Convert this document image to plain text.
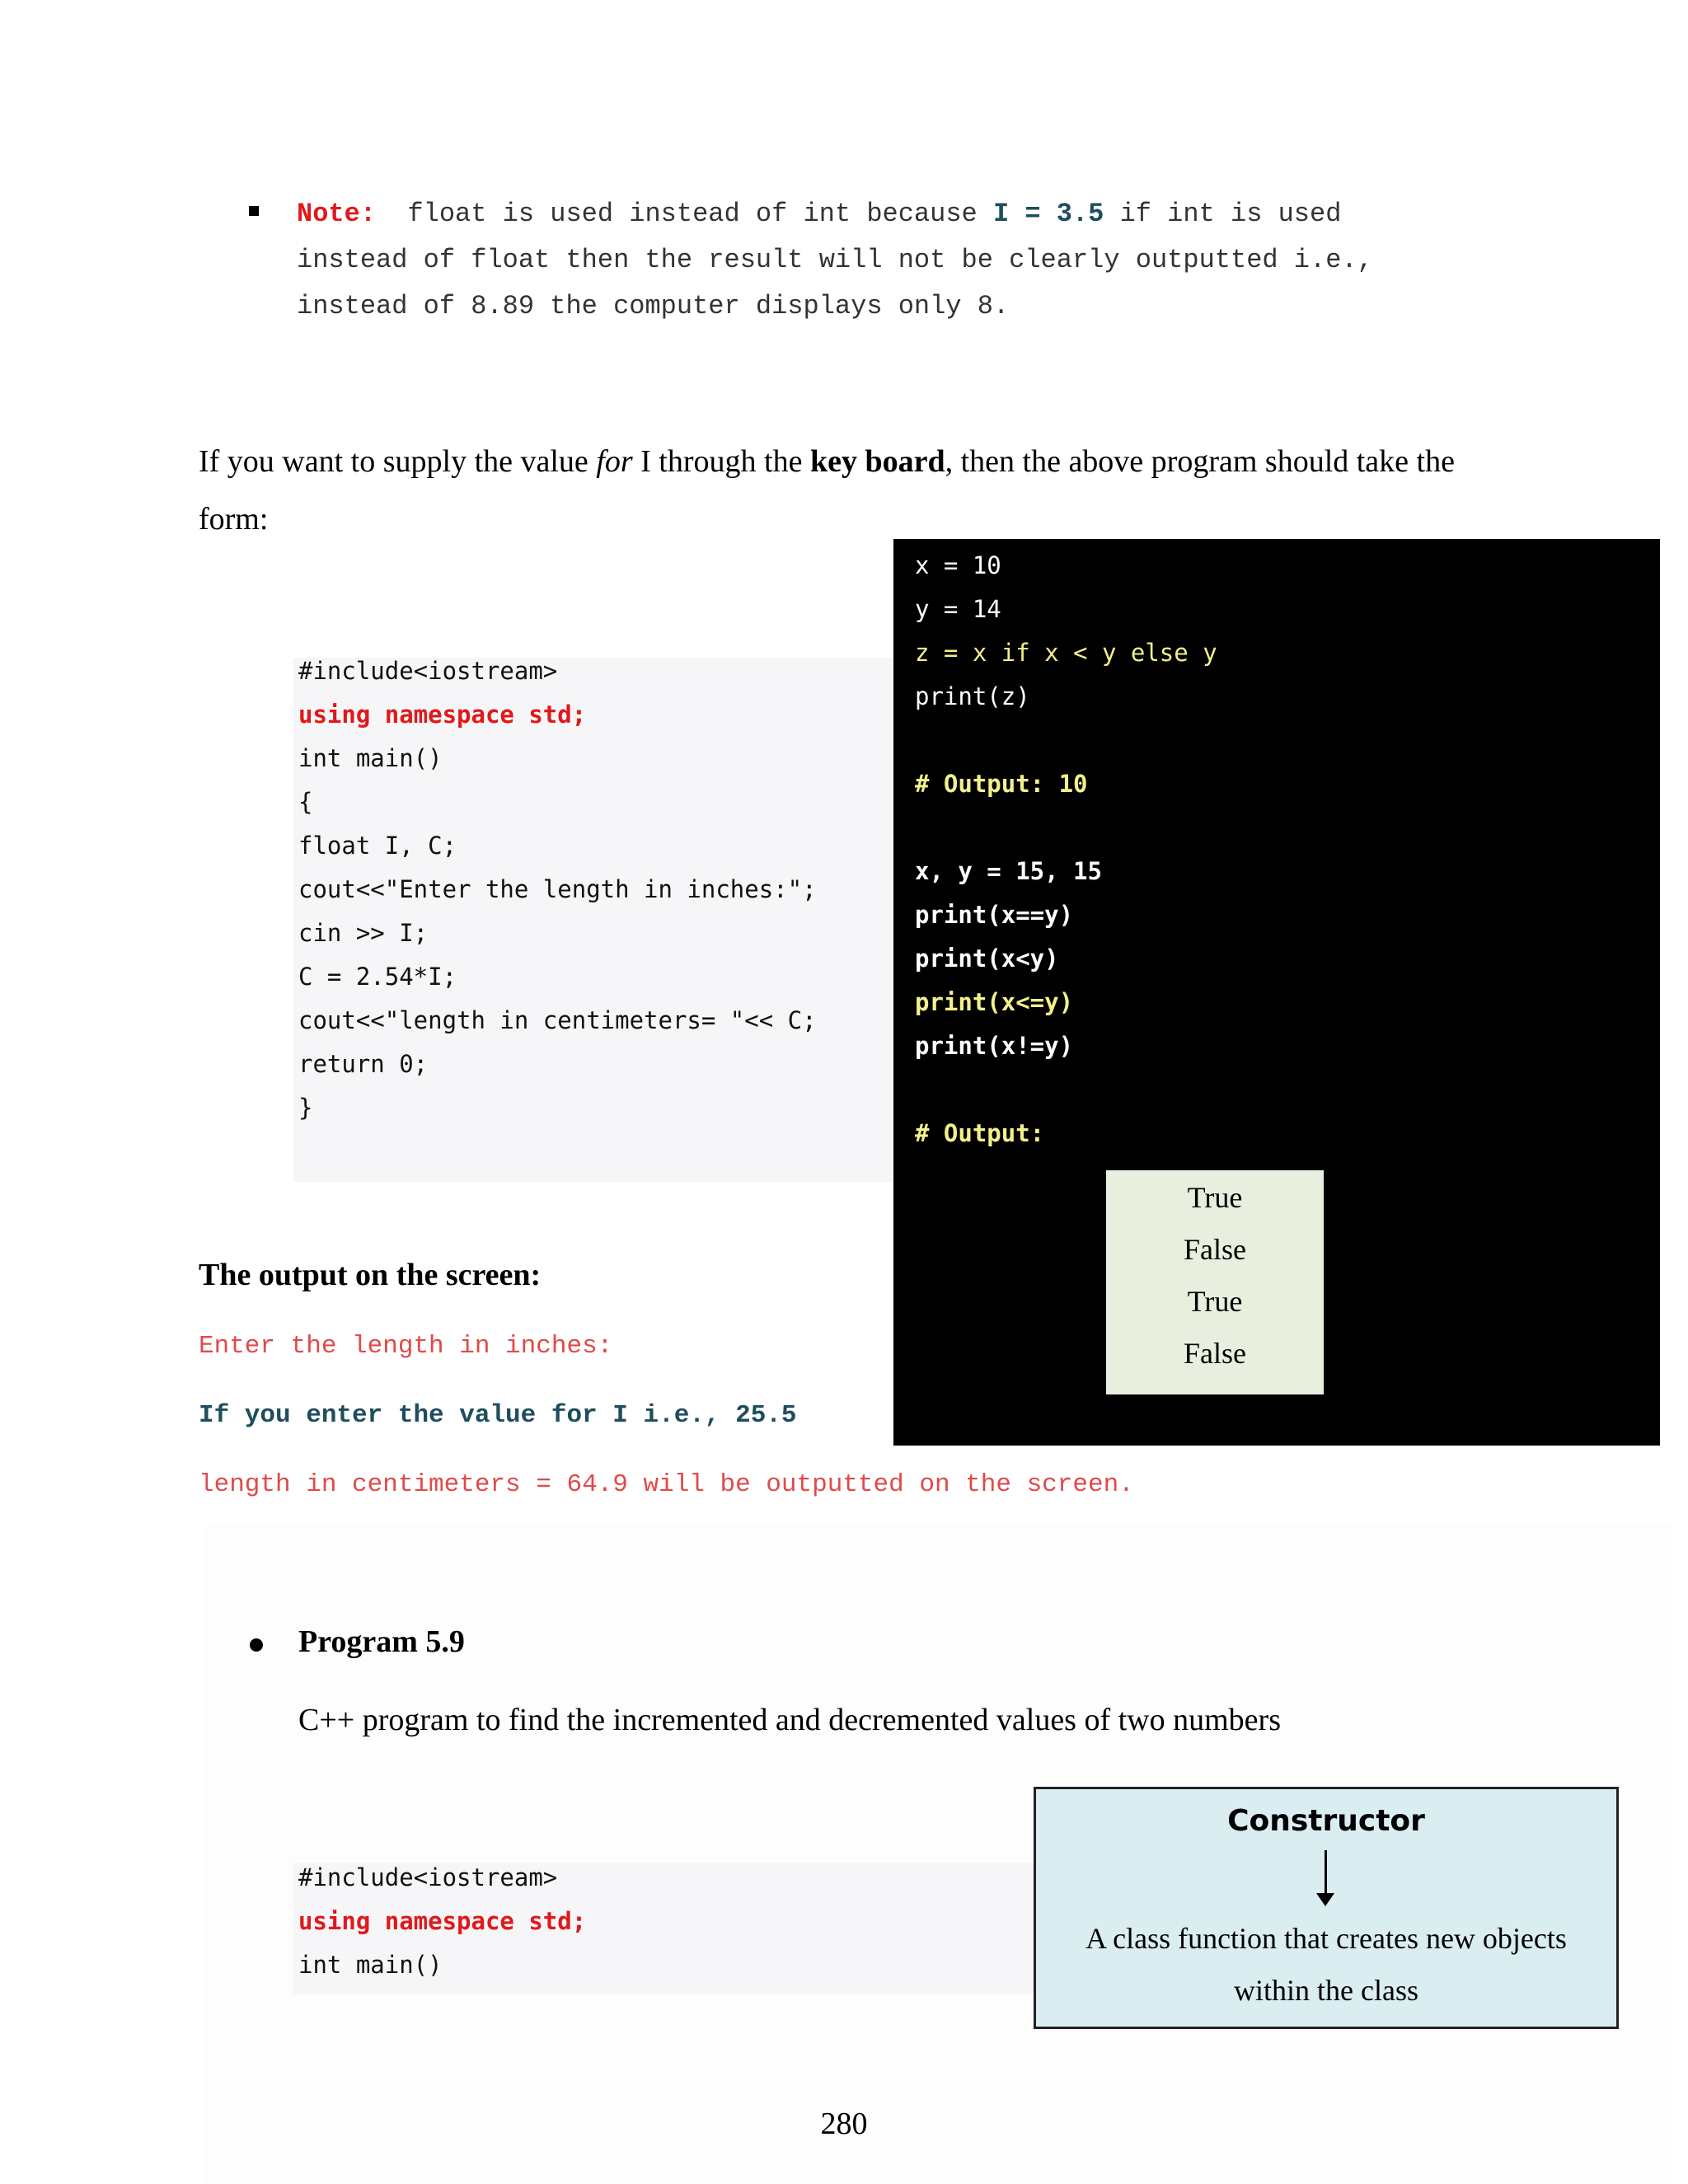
Note: float is used instead of int because I = 3.5 if int is used
instead of float then the result will not be clearly outputted i.e.,
instead of 8.89 the computer displays only 8.
If you want to supply the value for I through the key board, then the above program should take the form:
#include<iostream>
using namespace std;
int main()
{
float I, C;
cout<<"Enter the length in inches:";
cin >> I;
C = 2.54*I;
cout<<"length in centimeters= "<< C;
return 0;
}
x = 10
y = 14
z = x if x < y else y
print(z)
# Output: 10
x, y = 15, 15
print(x==y)
print(x<y)
print(x<=y)
print(x!=y)
# Output:
True
False
True
False
The output on the screen:
Enter the length in inches:
If you enter the value for I i.e., 25.5
length in centimeters = 64.9 will be outputted on the screen.
Program 5.9
C++ program to find the incremented and decremented values of two numbers
#include<iostream>
using namespace std;
int main()
Constructor
A class function that creates new objects
within the class
280
